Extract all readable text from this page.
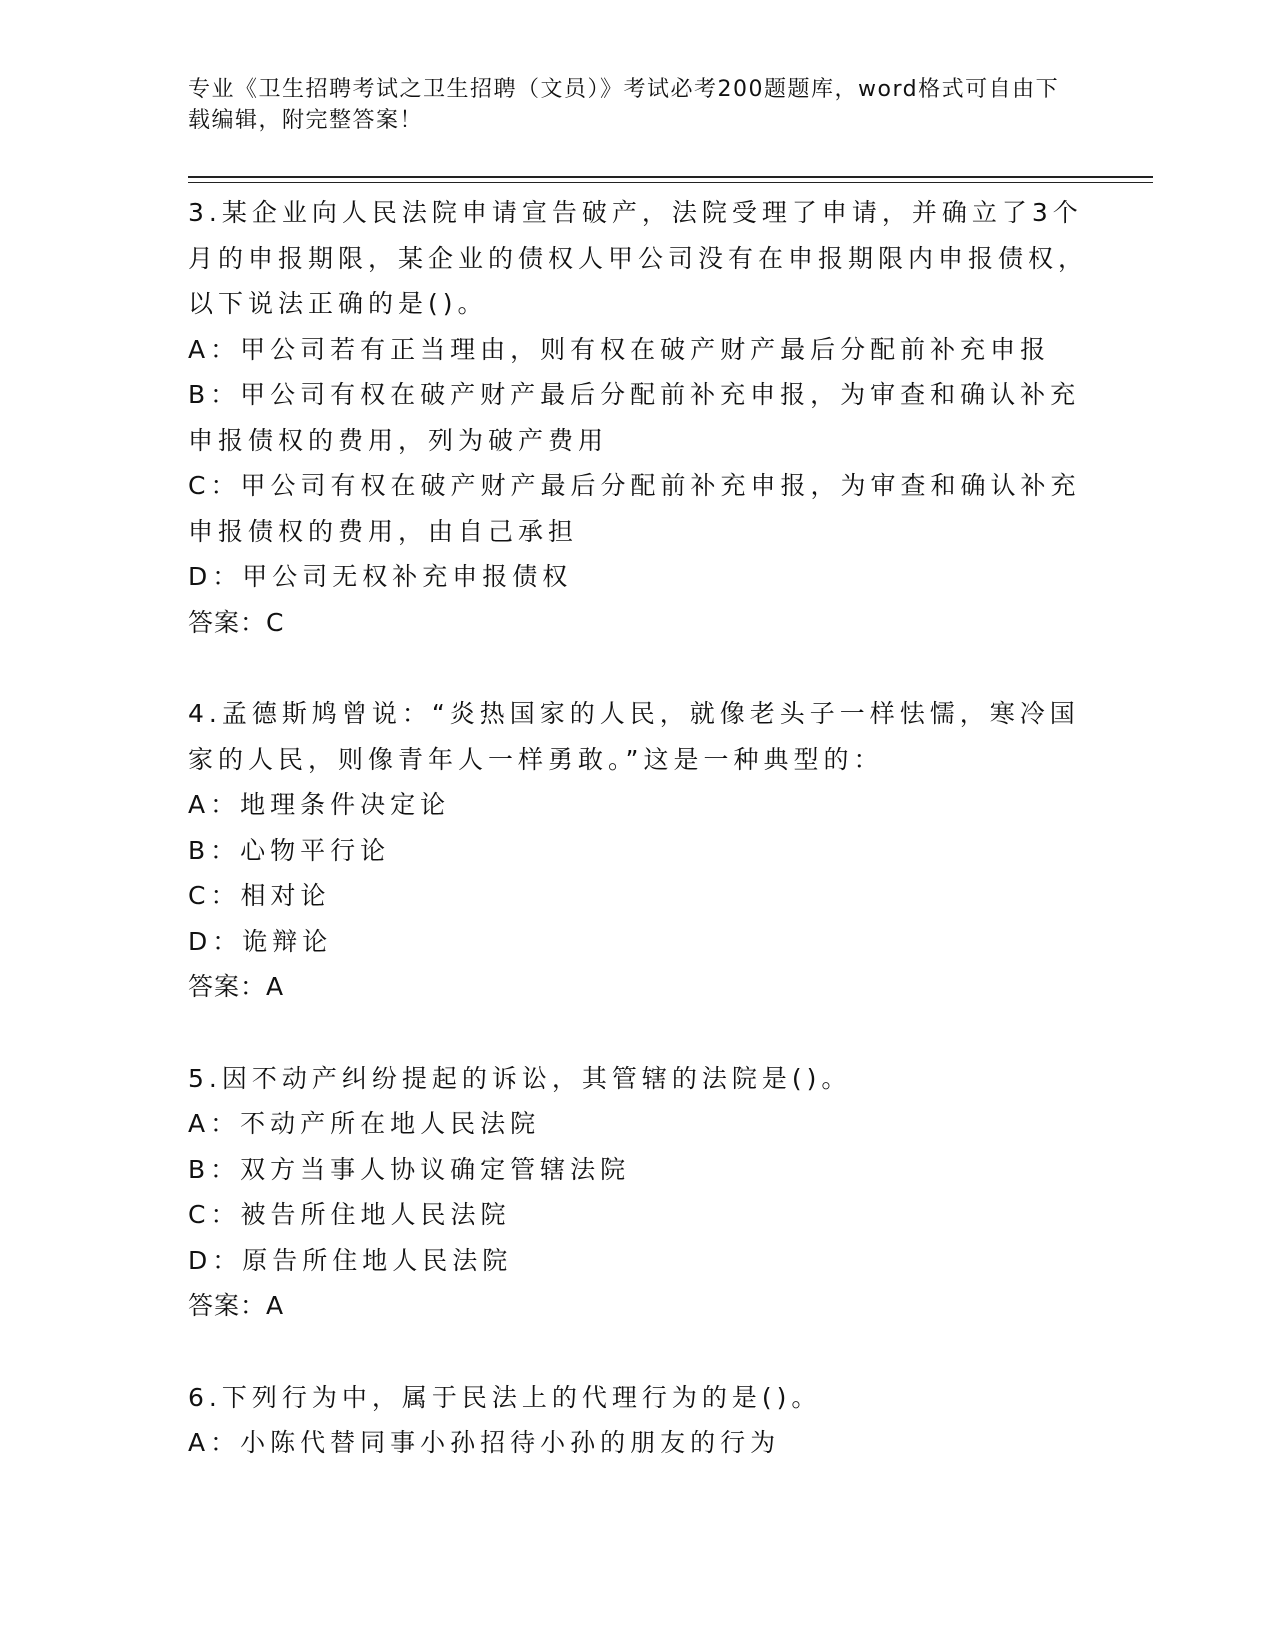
专业《卫生招聘考试之卫生招聘（文员）》考试必考200题题库，word格式可自由下载编辑，附完整答案！

3.某企业向人民法院申请宣告破产，法院受理了申请，并确立了3个月的申报期限，某企业的债权人甲公司没有在申报期限内申报债权，以下说法正确的是()。

A：甲公司若有正当理由，则有权在破产财产最后分配前补充申报
B：甲公司有权在破产财产最后分配前补充申报，为审查和确认补充申报债权的费用，列为破产费用
C：甲公司有权在破产财产最后分配前补充申报，为审查和确认补充申报债权的费用，由自己承担
D：甲公司无权补充申报债权

答案：C

4.孟德斯鸠曾说：“炎热国家的人民，就像老头子一样怯懦，寒冷国家的人民，则像青年人一样勇敢。”这是一种典型的：

A：地理条件决定论
B：心物平行论
C：相对论
D：诡辩论

答案：A

5.因不动产纠纷提起的诉讼，其管辖的法院是()。

A：不动产所在地人民法院
B：双方当事人协议确定管辖法院
C：被告所住地人民法院
D：原告所住地人民法院

答案：A

6.下列行为中，属于民法上的代理行为的是()。

A：小陈代替同事小孙招待小孙的朋友的行为
